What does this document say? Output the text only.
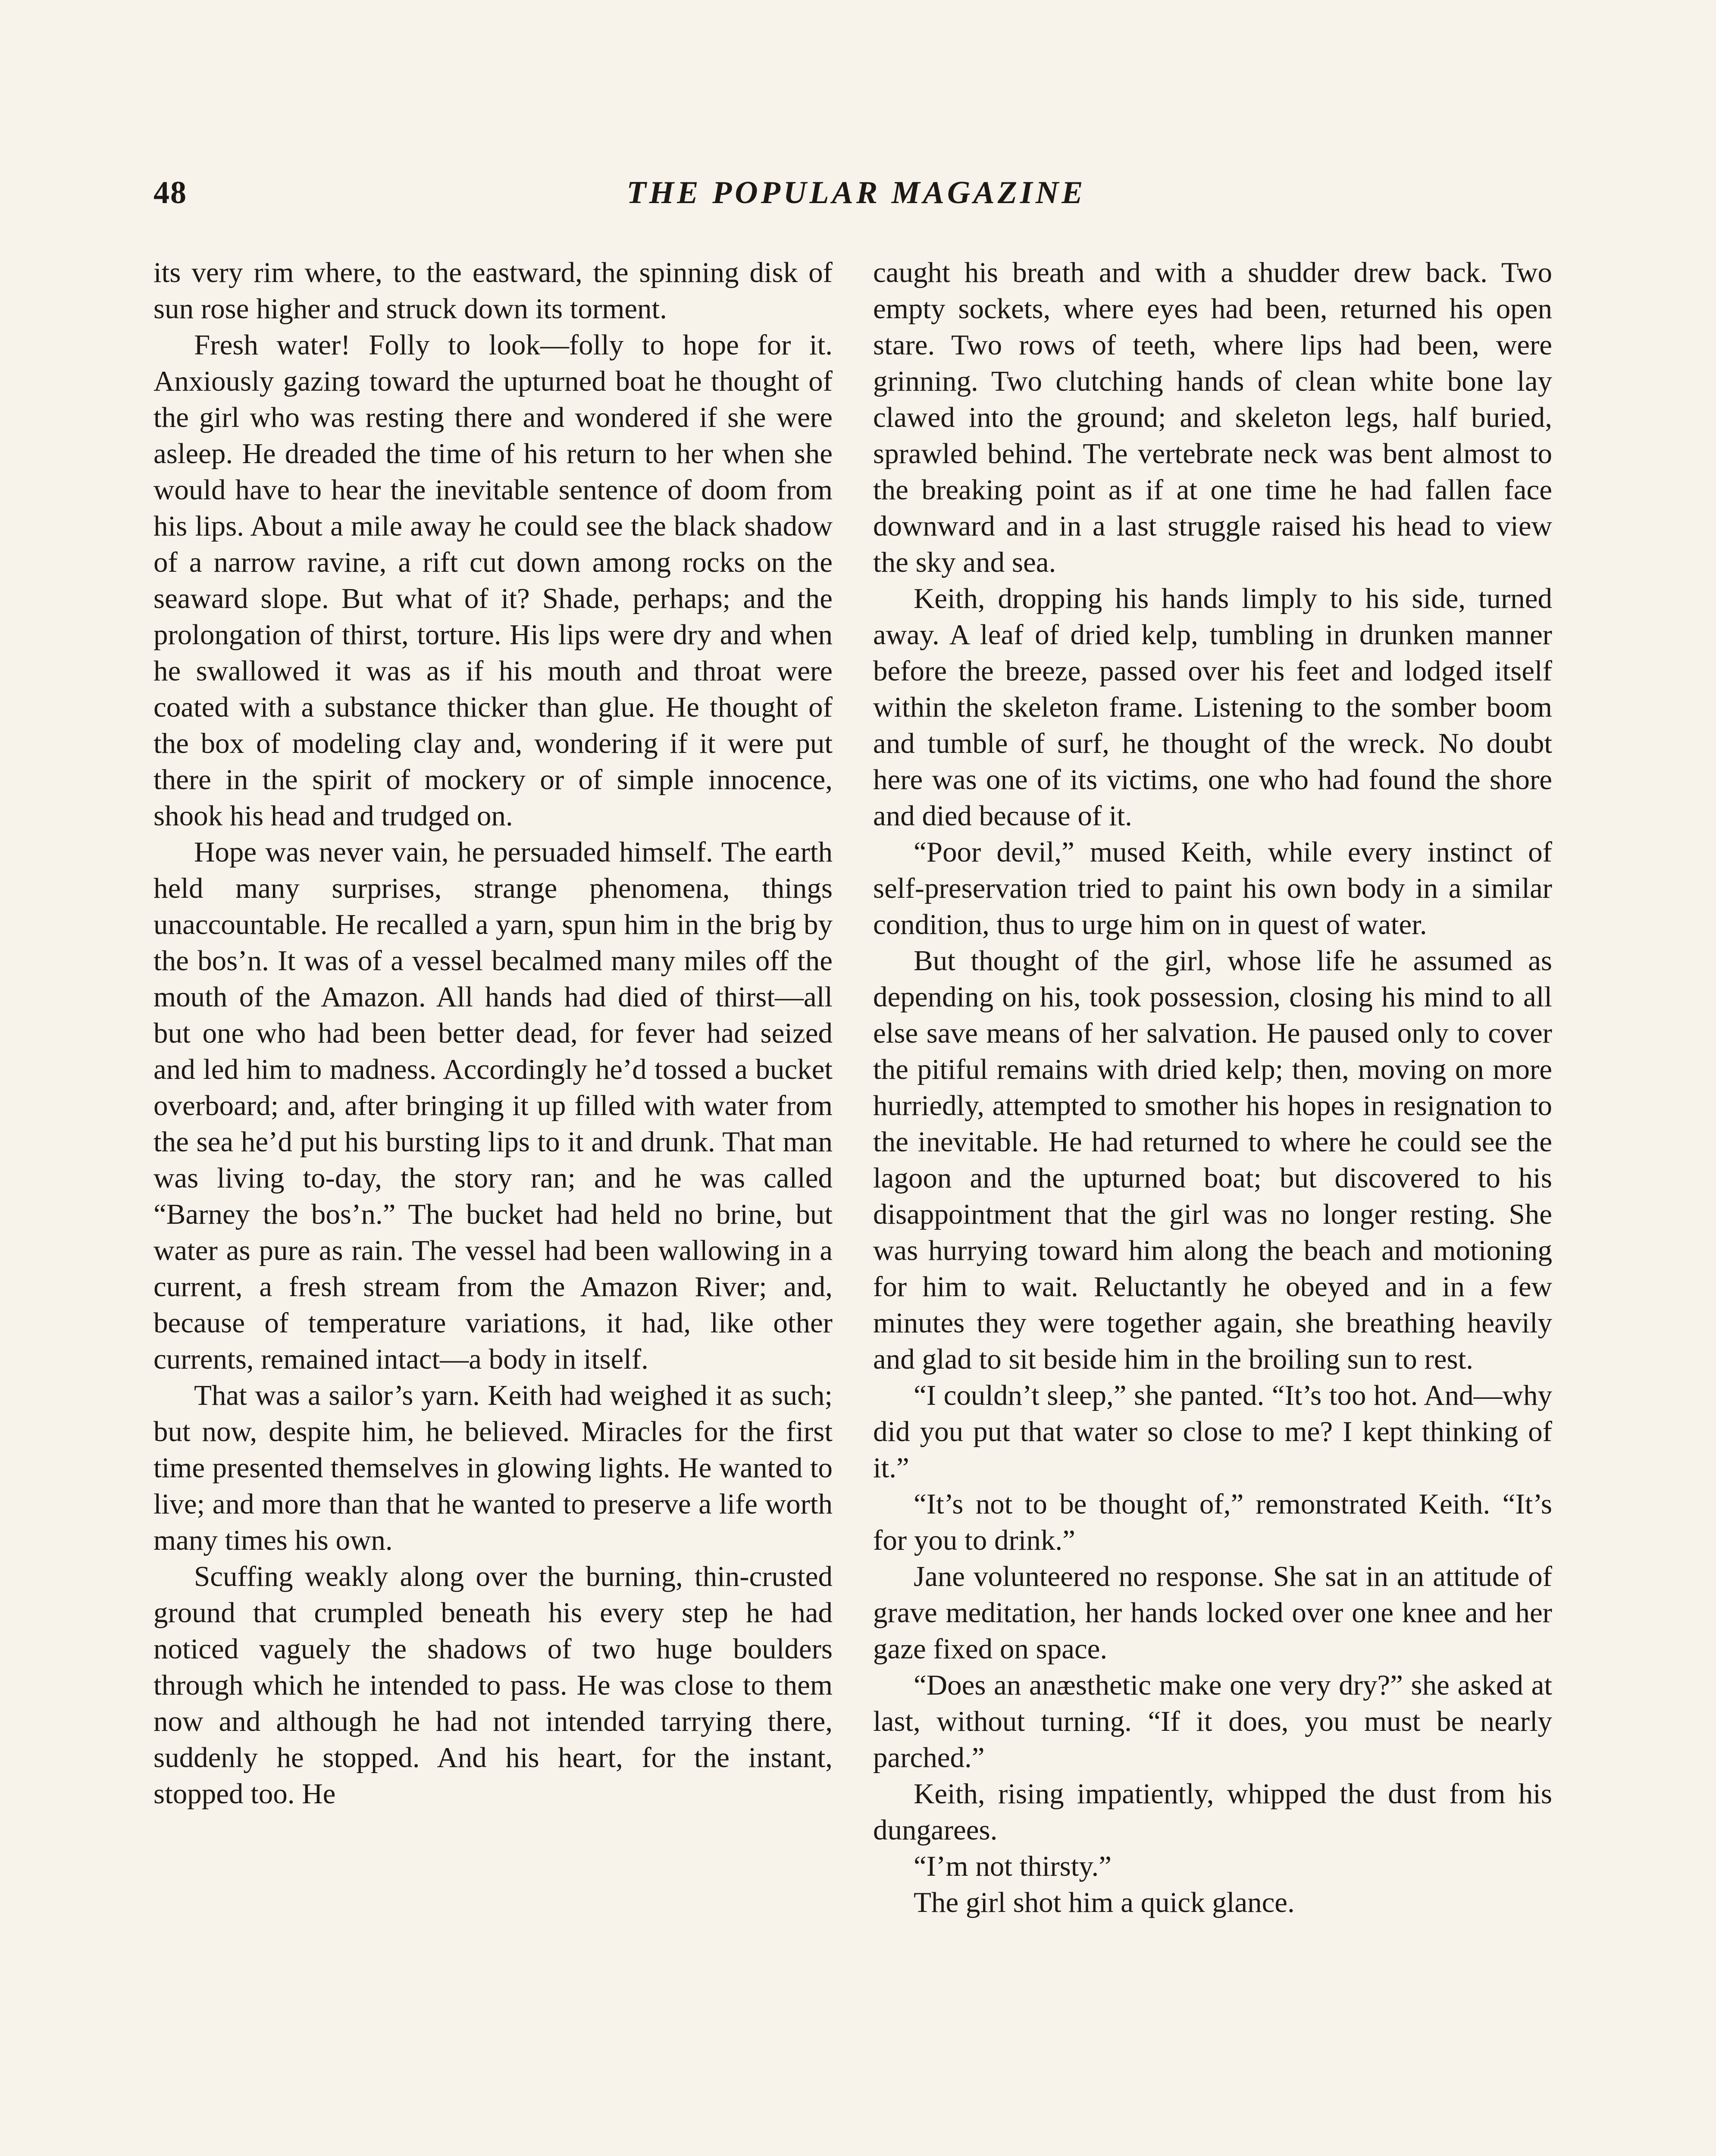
48	THE POPULAR MAGAZINE

its very rim where, to the eastward, the spinning disk of sun rose higher and struck down its torment.

Fresh water! Folly to look—folly to hope for it. Anxiously gazing toward the upturned boat he thought of the girl who was resting there and wondered if she were asleep. He dreaded the time of his return to her when she would have to hear the inevitable sentence of doom from his lips. About a mile away he could see the black shadow of a narrow ravine, a rift cut down among rocks on the seaward slope. But what of it? Shade, perhaps; and the prolongation of thirst, torture. His lips were dry and when he swallowed it was as if his mouth and throat were coated with a substance thicker than glue. He thought of the box of modeling clay and, wondering if it were put there in the spirit of mockery or of simple innocence, shook his head and trudged on.

Hope was never vain, he persuaded himself. The earth held many surprises, strange phenomena, things unaccountable. He recalled a yarn, spun him in the brig by the bos’n. It was of a vessel becalmed many miles off the mouth of the Amazon. All hands had died of thirst—all but one who had been better dead, for fever had seized and led him to madness. Accordingly he’d tossed a bucket overboard; and, after bringing it up filled with water from the sea he’d put his bursting lips to it and drunk. That man was living to-day, the story ran; and he was called “Barney the bos’n.” The bucket had held no brine, but water as pure as rain. The vessel had been wallowing in a current, a fresh stream from the Amazon River; and, because of temperature variations, it had, like other currents, remained intact—a body in itself.

That was a sailor’s yarn. Keith had weighed it as such; but now, despite him, he believed. Miracles for the first time presented themselves in glowing lights. He wanted to live; and more than that he wanted to preserve a life worth many times his own.

Scuffing weakly along over the burning, thin-crusted ground that crumpled beneath his every step he had noticed vaguely the shadows of two huge boulders through which he intended to pass. He was close to them now and although he had not intended tarrying there, suddenly he stopped. And his heart, for the instant, stopped too. He

caught his breath and with a shudder drew back. Two empty sockets, where eyes had been, returned his open stare. Two rows of teeth, where lips had been, were grinning. Two clutching hands of clean white bone lay clawed into the ground; and skeleton legs, half buried, sprawled behind. The vertebrate neck was bent almost to the breaking point as if at one time he had fallen face downward and in a last struggle raised his head to view the sky and sea.

Keith, dropping his hands limply to his side, turned away. A leaf of dried kelp, tumbling in drunken manner before the breeze, passed over his feet and lodged itself within the skeleton frame. Listening to the somber boom and tumble of surf, he thought of the wreck. No doubt here was one of its victims, one who had found the shore and died because of it.

“Poor devil,” mused Keith, while every instinct of self-preservation tried to paint his own body in a similar condition, thus to urge him on in quest of water.

But thought of the girl, whose life he assumed as depending on his, took possession, closing his mind to all else save means of her salvation. He paused only to cover the pitiful remains with dried kelp; then, moving on more hurriedly, attempted to smother his hopes in resignation to the inevitable. He had returned to where he could see the lagoon and the upturned boat; but discovered to his disappointment that the girl was no longer resting. She was hurrying toward him along the beach and motioning for him to wait. Reluctantly he obeyed and in a few minutes they were together again, she breathing heavily and glad to sit beside him in the broiling sun to rest.

“I couldn’t sleep,” she panted. “It’s too hot. And—why did you put that water so close to me? I kept thinking of it.”

“It’s not to be thought of,” remonstrated Keith. “It’s for you to drink.”

Jane volunteered no response. She sat in an attitude of grave meditation, her hands locked over one knee and her gaze fixed on space.

“Does an anæsthetic make one very dry?” she asked at last, without turning. “If it does, you must be nearly parched.”

Keith, rising impatiently, whipped the dust from his dungarees.

“I’m not thirsty.”

The girl shot him a quick glance.
